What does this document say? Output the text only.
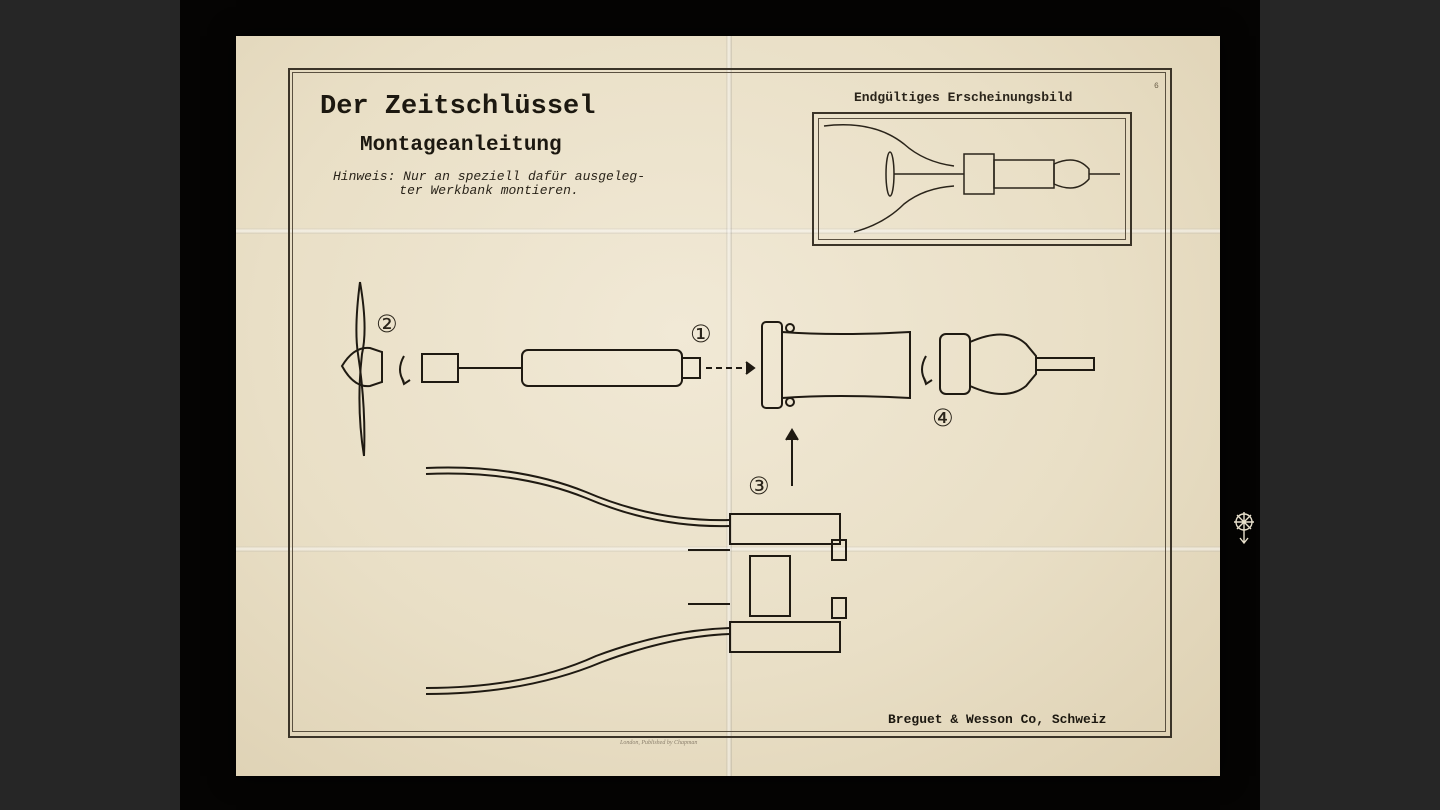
6
Der Zeitschlüssel
Montageanleitung
Hinweis: Nur an speziell dafür ausgeleg-
ter Werkbank montieren.
Endgültiges Erscheinungsbild
①
②
③
④
Breguet & Wesson Co, Schweiz
London, Published by Chapman
